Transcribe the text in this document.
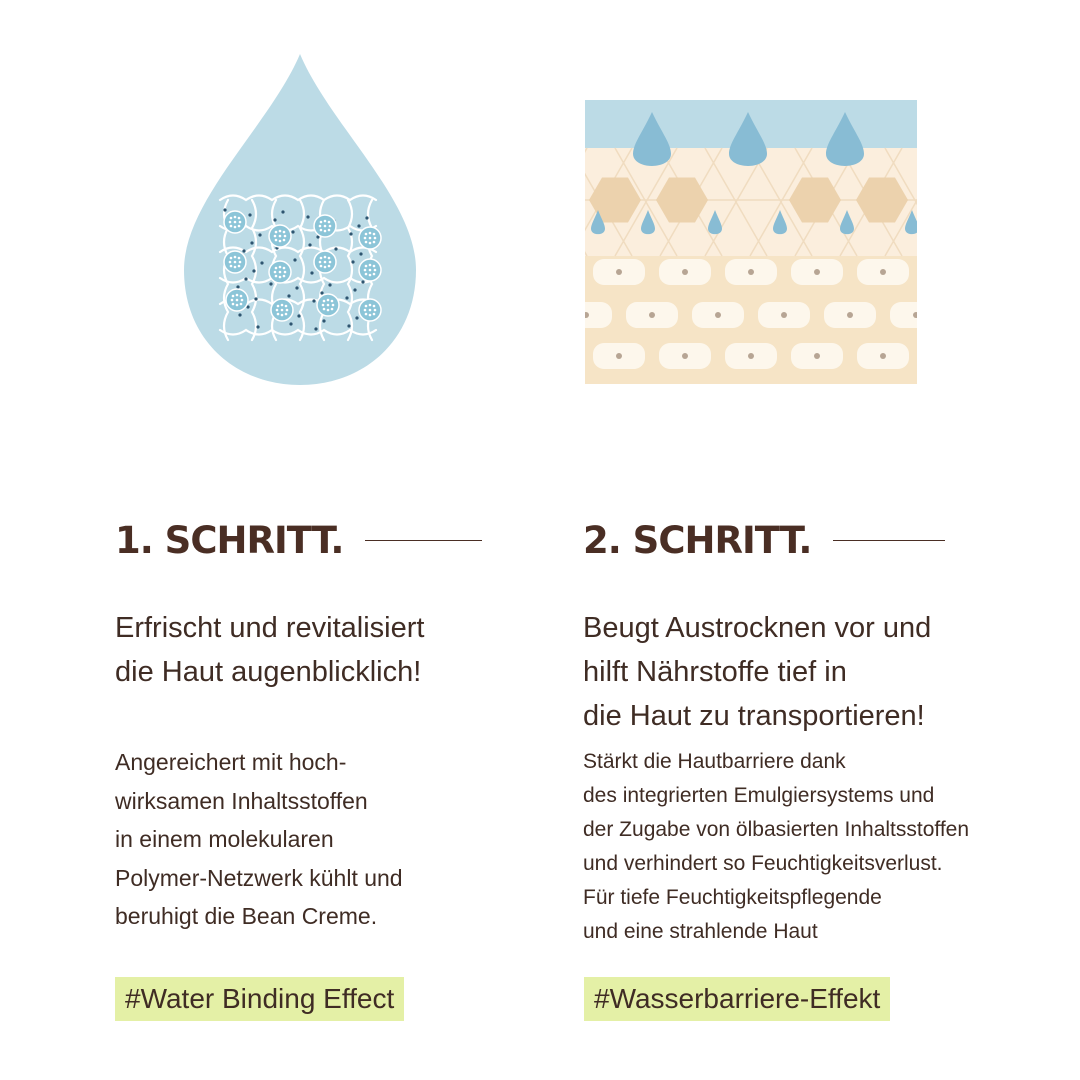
1. SCHRITT.
Erfrischt und revitalisiert
die Haut augenblicklich!
Angereichert mit hoch-
wirksamen Inhaltsstoffen
in einem molekularen
Polymer-Netzwerk kühlt und
beruhigt die Bean Creme.
#Water Binding Effect
2. SCHRITT.
Beugt Austrocknen vor und
hilft Nährstoffe tief in
die Haut zu transportieren!
Stärkt die Hautbarriere dank
des integrierten Emulgiersystems und
der Zugabe von ölbasierten Inhaltsstoffen
und verhindert so Feuchtigkeitsverlust.
Für tiefe Feuchtigkeitspflegende
und eine strahlende Haut
#Wasserbarriere-Effekt
